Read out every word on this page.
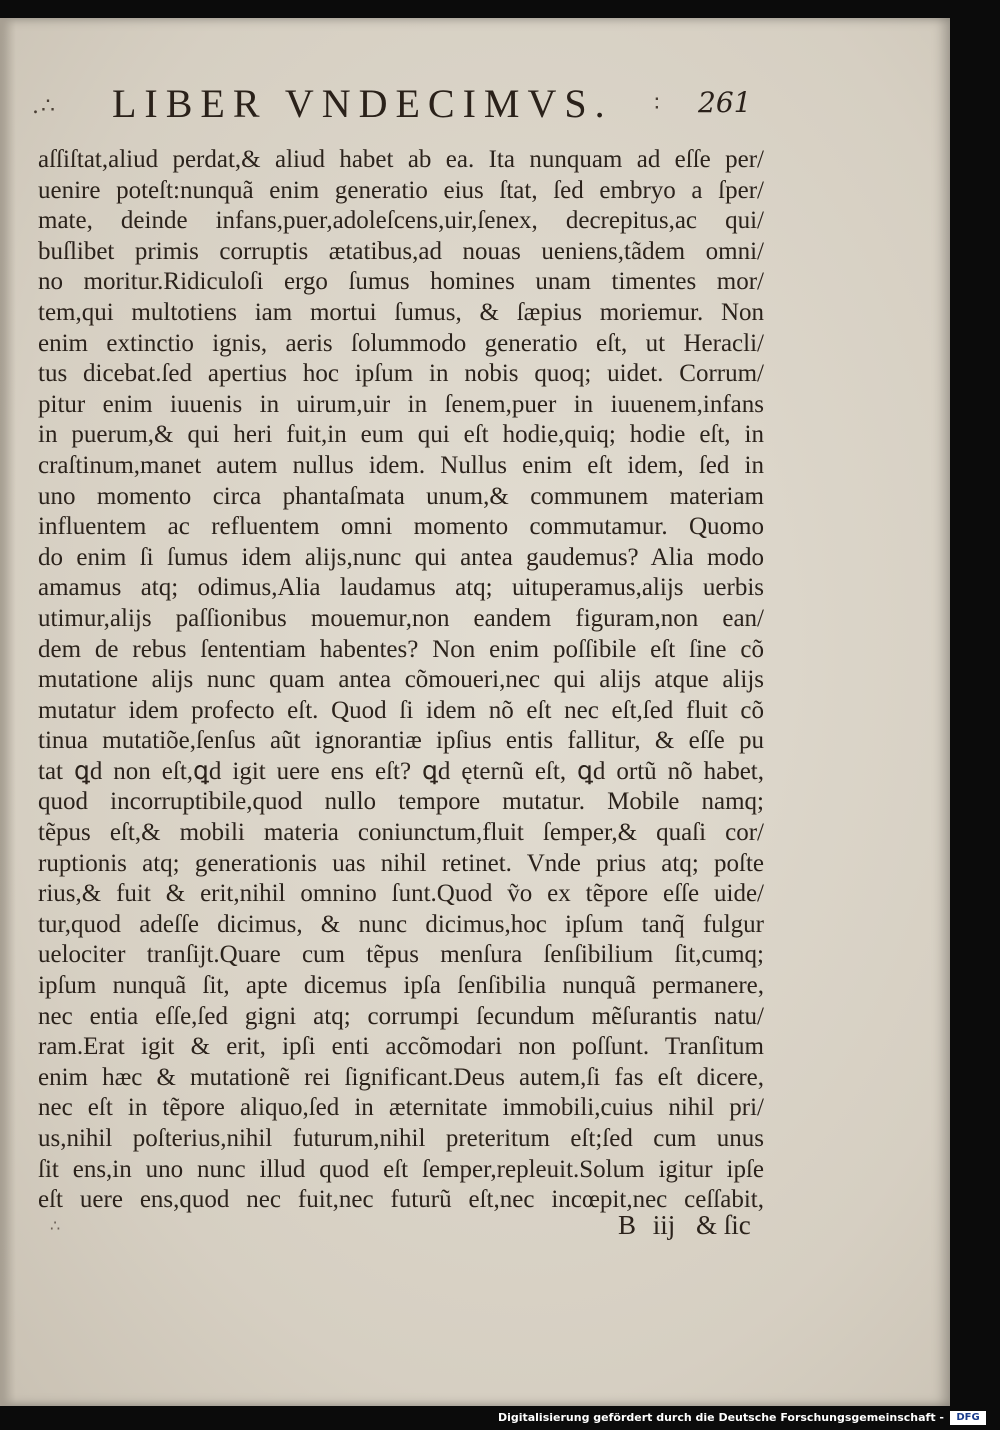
.∴ LIBER VNDECIMVS. ∶ 261
aſſiſtat,aliud perdat,& aliud habet ab ea. Ita nunquam ad eſſe per/
uenire poteſt:nunquã enim generatio eius ſtat, ſed embryo a ſper/
mate, deinde infans,puer,adoleſcens,uir,ſenex, decrepitus,ac qui/
buſlibet primis corruptis ætatibus,ad nouas ueniens,tãdem omni/
no moritur.Ridiculoſi ergo ſumus homines unam timentes mor/
tem,qui multotiens iam mortui ſumus, & ſæpius moriemur. Non
enim extinctio ignis, aeris ſolummodo generatio eſt, ut Heracli/
tus dicebat.ſed apertius hoc ipſum in nobis quoq; uidet. Corrum/
pitur enim iuuenis in uirum,uir in ſenem,puer in iuuenem,infans
in puerum,& qui heri fuit,in eum qui eſt hodie,quiq; hodie eſt, in
craſtinum,manet autem nullus idem. Nullus enim eſt idem, ſed in
uno momento circa phantaſmata unum,& communem materiam
influentem ac refluentem omni momento commutamur. Quomo
do enim ſi ſumus idem alijs,nunc qui antea gaudemus? Alia modo
amamus atq; odimus,Alia laudamus atq; uituperamus,alijs uerbis
utimur,alijs paſſionibus mouemur,non eandem figuram,non ean/
dem de rebus ſententiam habentes? Non enim poſſibile eſt ſine cõ
mutatione alijs nunc quam antea cõmoueri,nec qui alijs atque alijs
mutatur idem profecto eſt. Quod ſi idem nõ eſt nec eſt,ſed fluit cõ
tinua mutatiõe,ſenſus aũt ignorantiæ ipſius entis fallitur, & eſſe pu
tat ꝗd non eſt,ꝗd igit uere ens eſt? ꝗd ęternũ eſt, ꝗd ortũ nõ habet,
quod incorruptibile,quod nullo tempore mutatur. Mobile namq;
tẽpus eſt,& mobili materia coniunctum,fluit ſemper,& quaſi cor/
ruptionis atq; generationis uas nihil retinet. Vnde prius atq; poſte
rius,& fuit & erit,nihil omnino ſunt.Quod ṽo ex tẽpore eſſe uide/
tur,quod adeſſe dicimus, & nunc dicimus,hoc ipſum tanq̃ fulgur
uelociter tranſijt.Quare cum tẽpus menſura ſenſibilium ſit,cumq;
ipſum nunquã ſit, apte dicemus ipſa ſenſibilia nunquã permanere,
nec entia eſſe,ſed gigni atq; corrumpi ſecundum mẽſurantis natu/
ram.Erat igit & erit, ipſi enti accõmodari non poſſunt. Tranſitum
enim hæc & mutationẽ rei ſignificant.Deus autem,ſi fas eſt dicere,
nec eſt in tẽpore aliquo,ſed in æternitate immobili,cuius nihil pri/
us,nihil poſterius,nihil futurum,nihil preteritum eſt;ſed cum unus
ſit ens,in uno nunc illud quod eſt ſemper,repleuit.Solum igitur ipſe
eſt uere ens,quod nec fuit,nec futurũ eſt,nec incœpit,nec ceſſabit,
∴	B iij & ſic
Digitalisierung gefördert durch die Deutsche Forschungsgemeinschaft -	DFG
